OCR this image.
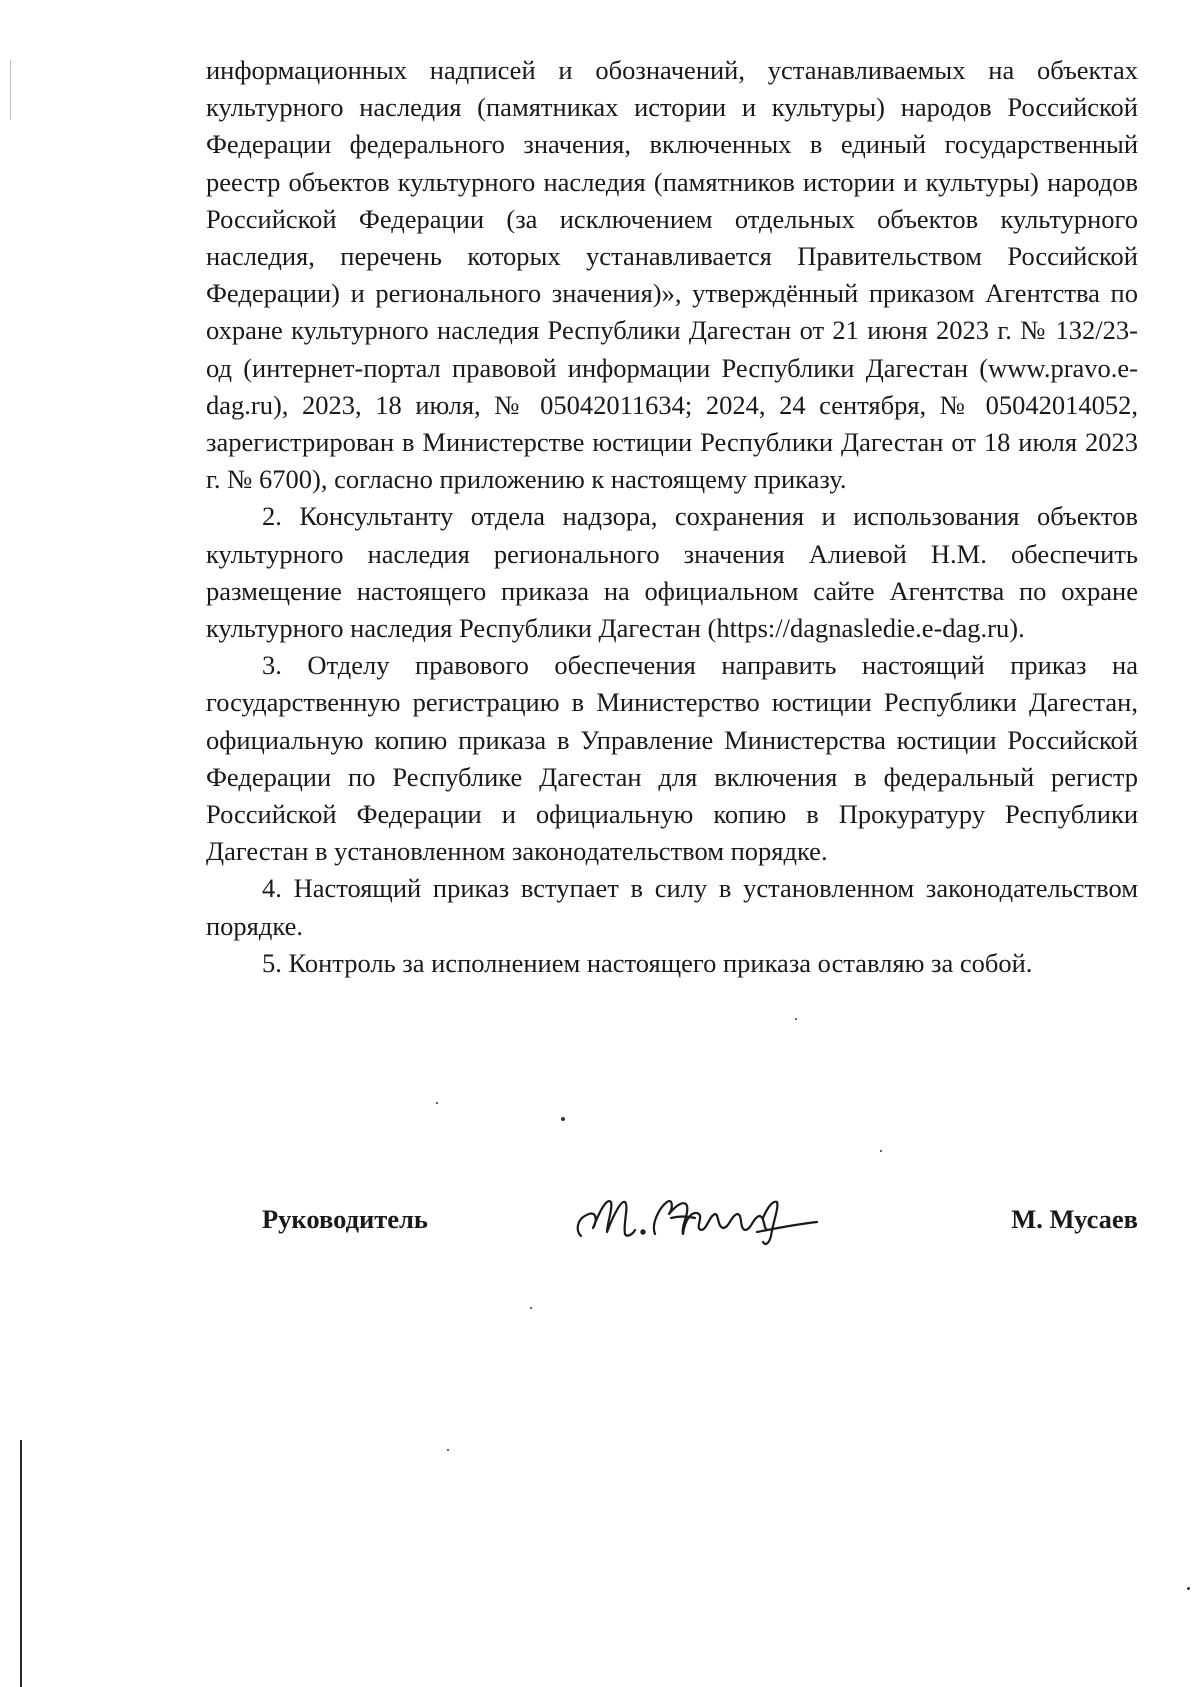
информационных надписей и обозначений, устанавливаемых на объектах культурного наследия (памятниках истории и культуры) народов Российской Федерации федерального значения, включенных в единый государственный реестр объектов культурного наследия (памятников истории и культуры) народов Российской Федерации (за исключением отдельных объектов культурного наследия, перечень которых устанавливается Правительством Российской Федерации) и регионального значения)», утверждённый приказом Агентства по охране культурного наследия Республики Дагестан от 21 июня 2023 г. № 132/23-од (интернет-портал правовой информации Республики Дагестан (www.pravo.e-dag.ru), 2023, 18 июля, № 05042011634; 2024, 24 сентября, № 05042014052, зарегистрирован в Министерстве юстиции Республики Дагестан от 18 июля 2023 г. № 6700), согласно приложению к настоящему приказу.

2. Консультанту отдела надзора, сохранения и использования объектов культурного наследия регионального значения Алиевой Н.М. обеспечить размещение настоящего приказа на официальном сайте Агентства по охране культурного наследия Республики Дагестан (https://dagnasledie.e-dag.ru).

3. Отделу правового обеспечения направить настоящий приказ на государственную регистрацию в Министерство юстиции Республики Дагестан, официальную копию приказа в Управление Министерства юстиции Российской Федерации по Республике Дагестан для включения в федеральный регистр Российской Федерации и официальную копию в Прокуратуру Республики Дагестан в установленном законодательством порядке.

4. Настоящий приказ вступает в силу в установленном законодательством порядке.

5. Контроль за исполнением настоящего приказа оставляю за собой.

Руководитель	М. Мусаев
